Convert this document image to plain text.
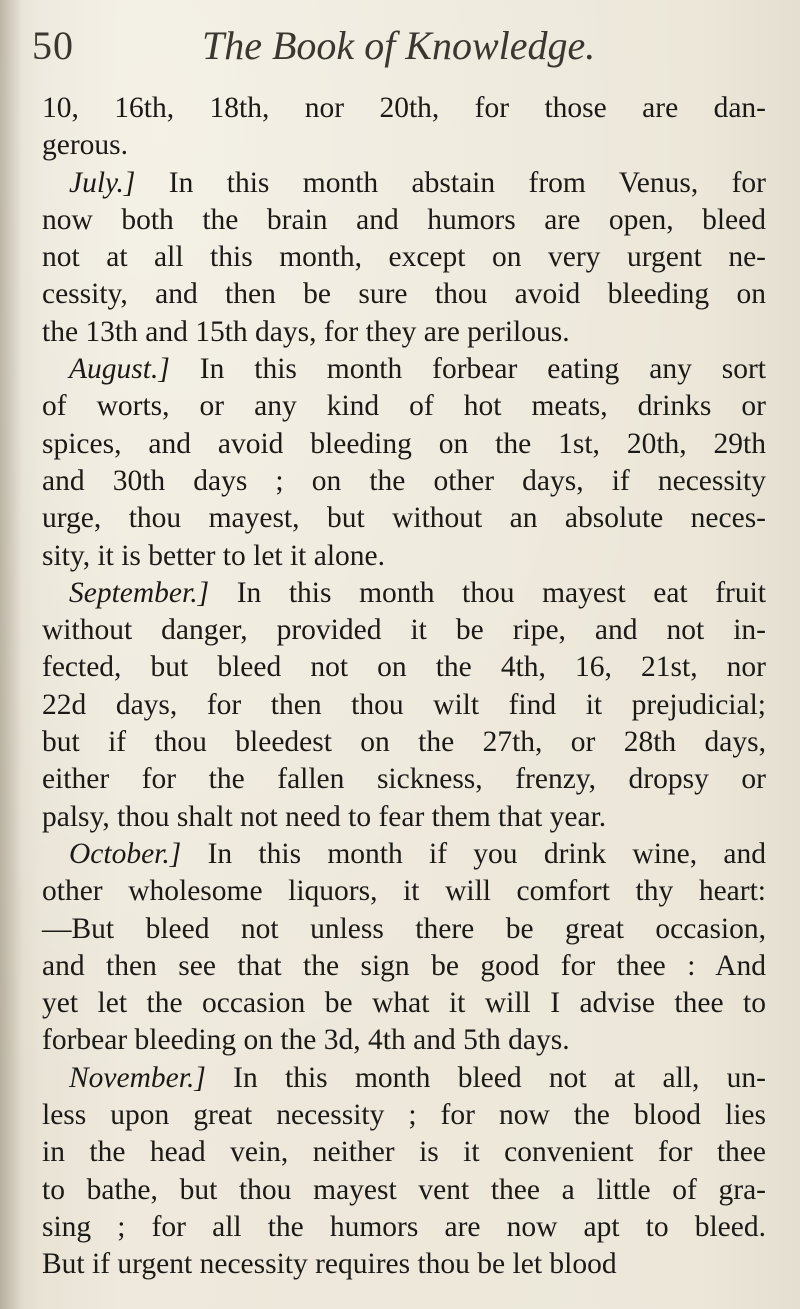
50	The Book of Knowledge.
10, 16th, 18th, nor 20th, for those are dan-
gerous.
July.] In this month abstain from Venus, for
now both the brain and humors are open, bleed
not at all this month, except on very urgent ne-
cessity, and then be sure thou avoid bleeding on
the 13th and 15th days, for they are perilous.
August.] In this month forbear eating any sort
of worts, or any kind of hot meats, drinks or
spices, and avoid bleeding on the 1st, 20th, 29th
and 30th days ; on the other days, if necessity
urge, thou mayest, but without an absolute neces-
sity, it is better to let it alone.
September.] In this month thou mayest eat fruit
without danger, provided it be ripe, and not in-
fected, but bleed not on the 4th, 16, 21st, nor
22d days, for then thou wilt find it prejudicial;
but if thou bleedest on the 27th, or 28th days,
either for the fallen sickness, frenzy, dropsy or
palsy, thou shalt not need to fear them that year.
October.] In this month if you drink wine, and
other wholesome liquors, it will comfort thy heart:
—But bleed not unless there be great occasion,
and then see that the sign be good for thee : And
yet let the occasion be what it will I advise thee to
forbear bleeding on the 3d, 4th and 5th days.
November.] In this month bleed not at all, un-
less upon great necessity ; for now the blood lies
in the head vein, neither is it convenient for thee
to bathe, but thou mayest vent thee a little of gra-
sing ; for all the humors are now apt to bleed.
But if urgent necessity requires thou be let blood
